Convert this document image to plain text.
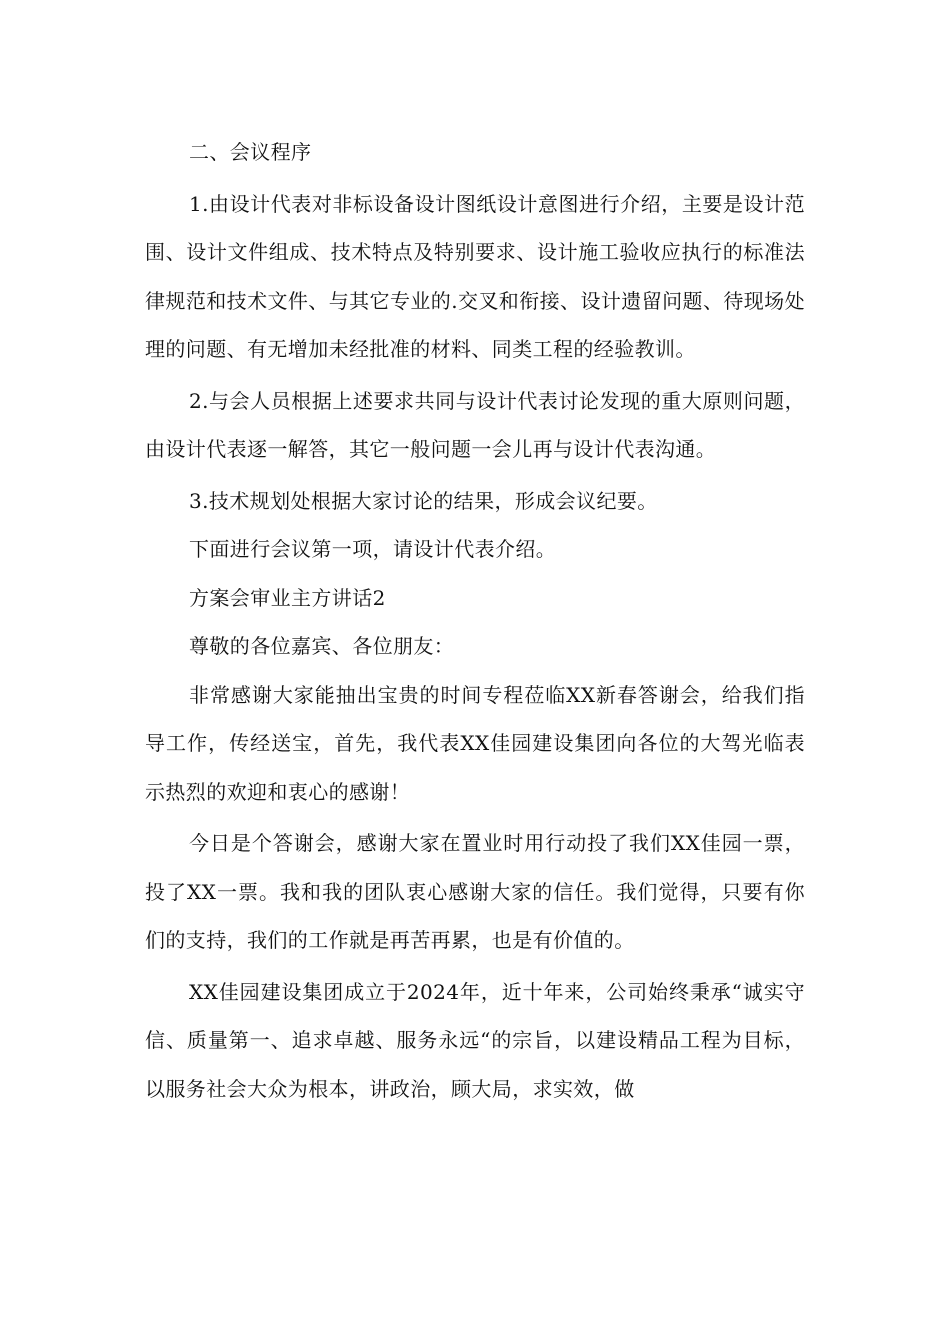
二、会议程序

1.由设计代表对非标设备设计图纸设计意图进行介绍，主要是设计范围、设计文件组成、技术特点及特别要求、设计施工验收应执行的标准法律规范和技术文件、与其它专业的.交叉和衔接、设计遗留问题、待现场处理的问题、有无增加未经批准的材料、同类工程的经验教训。

2.与会人员根据上述要求共同与设计代表讨论发现的重大原则问题，由设计代表逐一解答，其它一般问题一会儿再与设计代表沟通。

3.技术规划处根据大家讨论的结果，形成会议纪要。

下面进行会议第一项，请设计代表介绍。

方案会审业主方讲话2

尊敬的各位嘉宾、各位朋友：

非常感谢大家能抽出宝贵的时间专程莅临XX新春答谢会，给我们指导工作，传经送宝，首先，我代表XX佳园建设集团向各位的大驾光临表示热烈的欢迎和衷心的感谢！

今日是个答谢会，感谢大家在置业时用行动投了我们XX佳园一票，投了XX一票。我和我的团队衷心感谢大家的信任。我们觉得，只要有你们的支持，我们的工作就是再苦再累，也是有价值的。

XX佳园建设集团成立于2024年，近十年来，公司始终秉承“诚实守信、质量第一、追求卓越、服务永远“的宗旨，以建设精品工程为目标，以服务社会大众为根本，讲政治，顾大局，求实效，做
